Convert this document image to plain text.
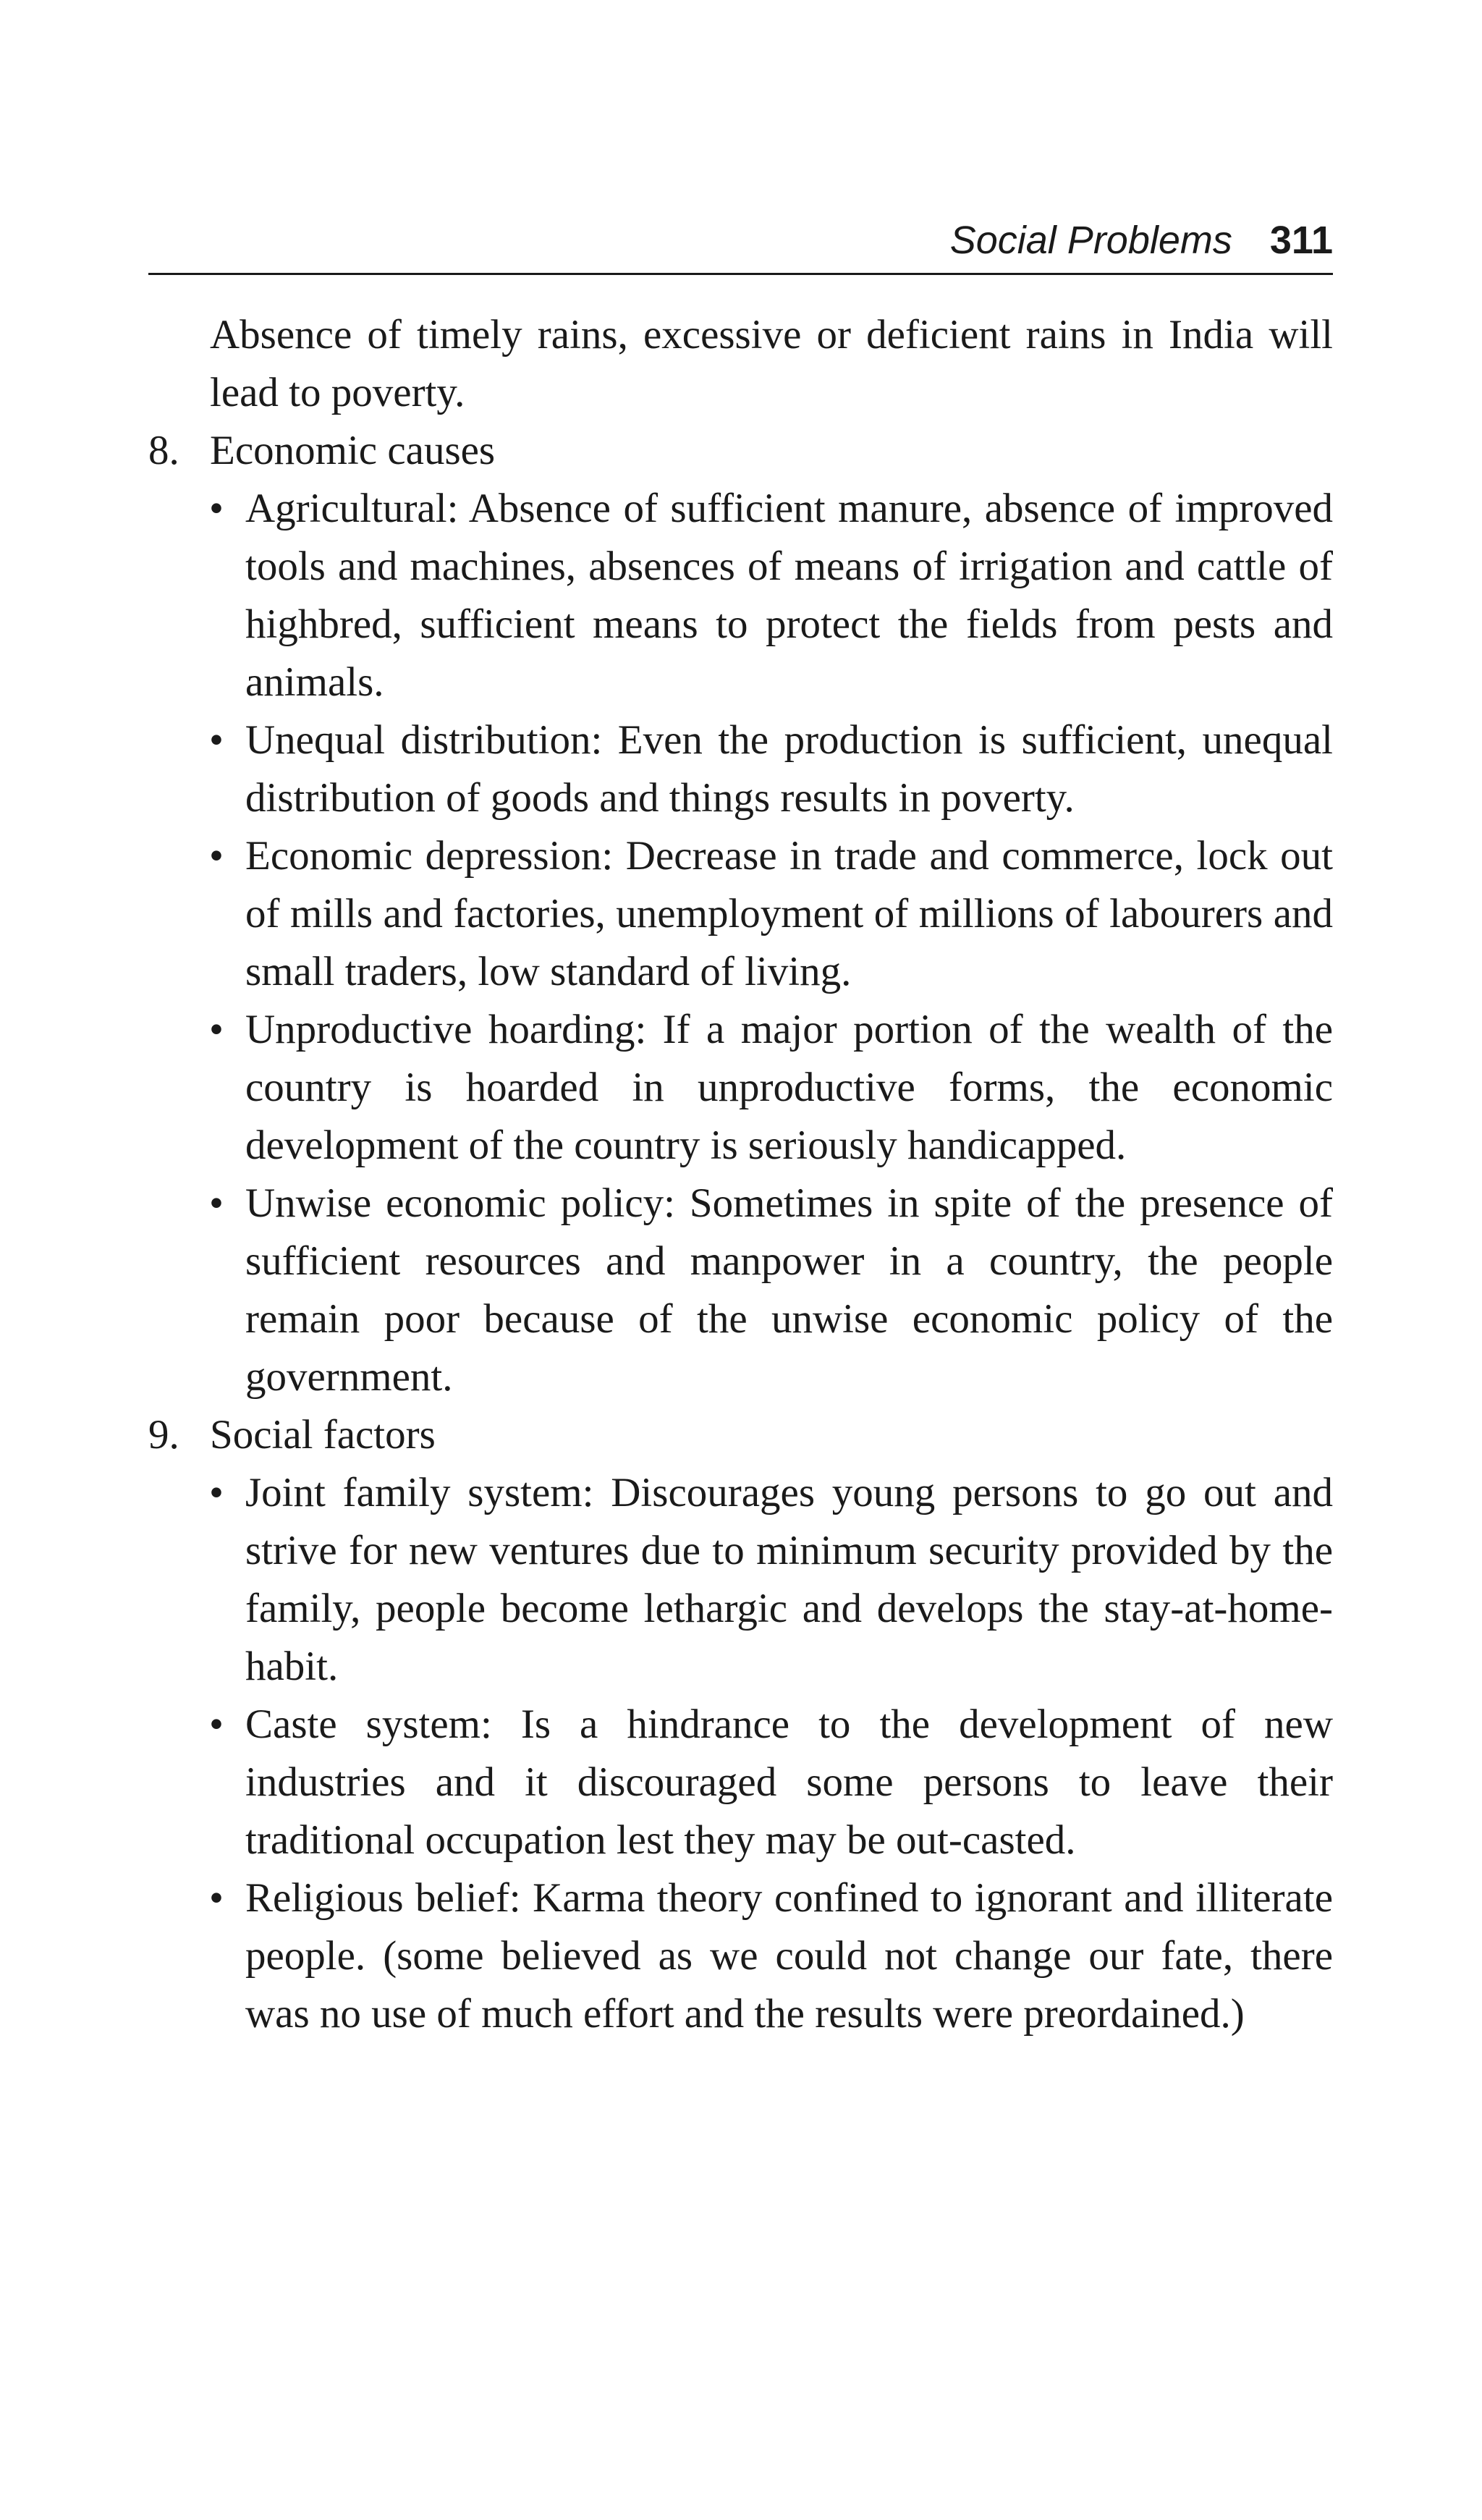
Social Problems 311

Absence of timely rains, excessive or deficient rains in India will lead to poverty.

8. Economic causes
• Agricultural: Absence of sufficient manure, absence of improved tools and machines, absences of means of irrigation and cattle of highbred, sufficient means to protect the fields from pests and animals.
• Unequal distribution: Even the production is sufficient, unequal distribution of goods and things results in poverty.
• Economic depression: Decrease in trade and commerce, lock out of mills and factories, unemployment of millions of labourers and small traders, low standard of living.
• Unproductive hoarding: If a major portion of the wealth of the country is hoarded in unproductive forms, the economic development of the country is seriously handicapped.
• Unwise economic policy: Sometimes in spite of the presence of sufficient resources and manpower in a country, the people remain poor because of the unwise economic policy of the government.
9. Social factors
• Joint family system: Discourages young persons to go out and strive for new ventures due to minimum security provided by the family, people become lethargic and develops the stay-at-home-habit.
• Caste system: Is a hindrance to the development of new industries and it discouraged some persons to leave their traditional occupation lest they may be out-casted.
• Religious belief: Karma theory confined to ignorant and illiterate people. (some believed as we could not change our fate, there was no use of much effort and the results were preordained.)
